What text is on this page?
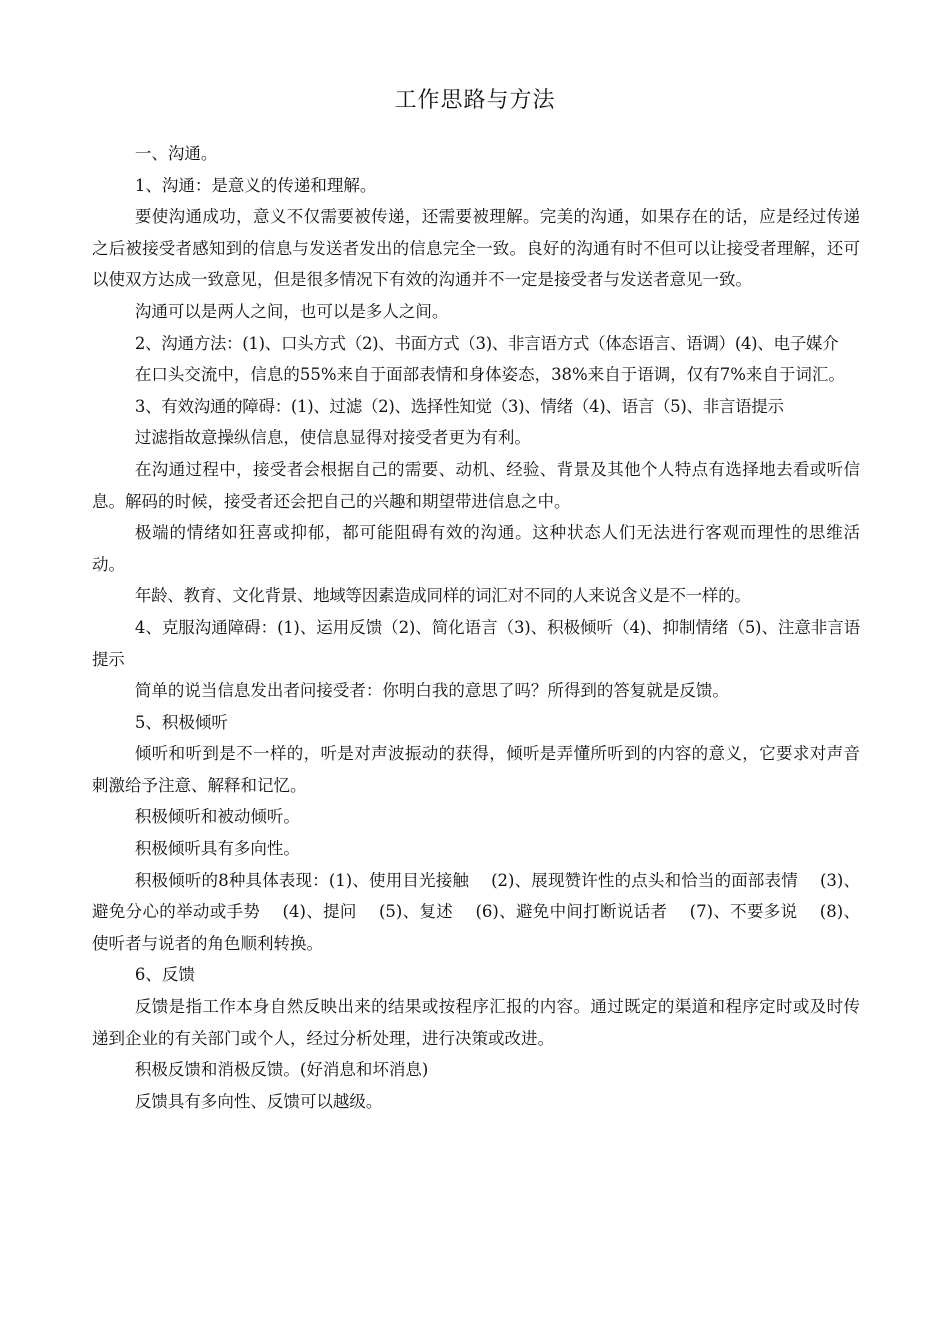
工作思路与方法

一、沟通。

1、沟通：是意义的传递和理解。

要使沟通成功，意义不仅需要被传递，还需要被理解。完美的沟通，如果存在的话，应是经过传递之后被接受者感知到的信息与发送者发出的信息完全一致。良好的沟通有时不但可以让接受者理解，还可以使双方达成一致意见，但是很多情况下有效的沟通并不一定是接受者与发送者意见一致。

沟通可以是两人之间，也可以是多人之间。

2、沟通方法：(1)、口头方式（2)、书面方式（3)、非言语方式（体态语言、语调）(4)、电子媒介

在口头交流中，信息的55%来自于面部表情和身体姿态，38%来自于语调，仅有7%来自于词汇。

3、有效沟通的障碍：(1)、过滤（2)、选择性知觉（3)、情绪（4)、语言（5)、非言语提示

过滤指故意操纵信息，使信息显得对接受者更为有利。

在沟通过程中，接受者会根据自己的需要、动机、经验、背景及其他个人特点有选择地去看或听信息。解码的时候，接受者还会把自己的兴趣和期望带进信息之中。

极端的情绪如狂喜或抑郁，都可能阻碍有效的沟通。这种状态人们无法进行客观而理性的思维活动。

年龄、教育、文化背景、地域等因素造成同样的词汇对不同的人来说含义是不一样的。

4、克服沟通障碍：(1)、运用反馈（2)、简化语言（3)、积极倾听（4)、抑制情绪（5)、注意非言语提示

简单的说当信息发出者问接受者：你明白我的意思了吗？所得到的答复就是反馈。

5、积极倾听

倾听和听到是不一样的，听是对声波振动的获得，倾听是弄懂所听到的内容的意义，它要求对声音刺激给予注意、解释和记忆。

积极倾听和被动倾听。

积极倾听具有多向性。

积极倾听的8种具体表现：(1)、使用目光接触　 (2)、展现赞许性的点头和恰当的面部表情　 (3)、避免分心的举动或手势　 (4)、提问　 (5)、复述　 (6)、避免中间打断说话者　 (7)、不要多说　 (8)、使听者与说者的角色顺利转换。

6、反馈

反馈是指工作本身自然反映出来的结果或按程序汇报的内容。通过既定的渠道和程序定时或及时传递到企业的有关部门或个人，经过分析处理，进行决策或改进。

积极反馈和消极反馈。(好消息和坏消息)

反馈具有多向性、反馈可以越级。
